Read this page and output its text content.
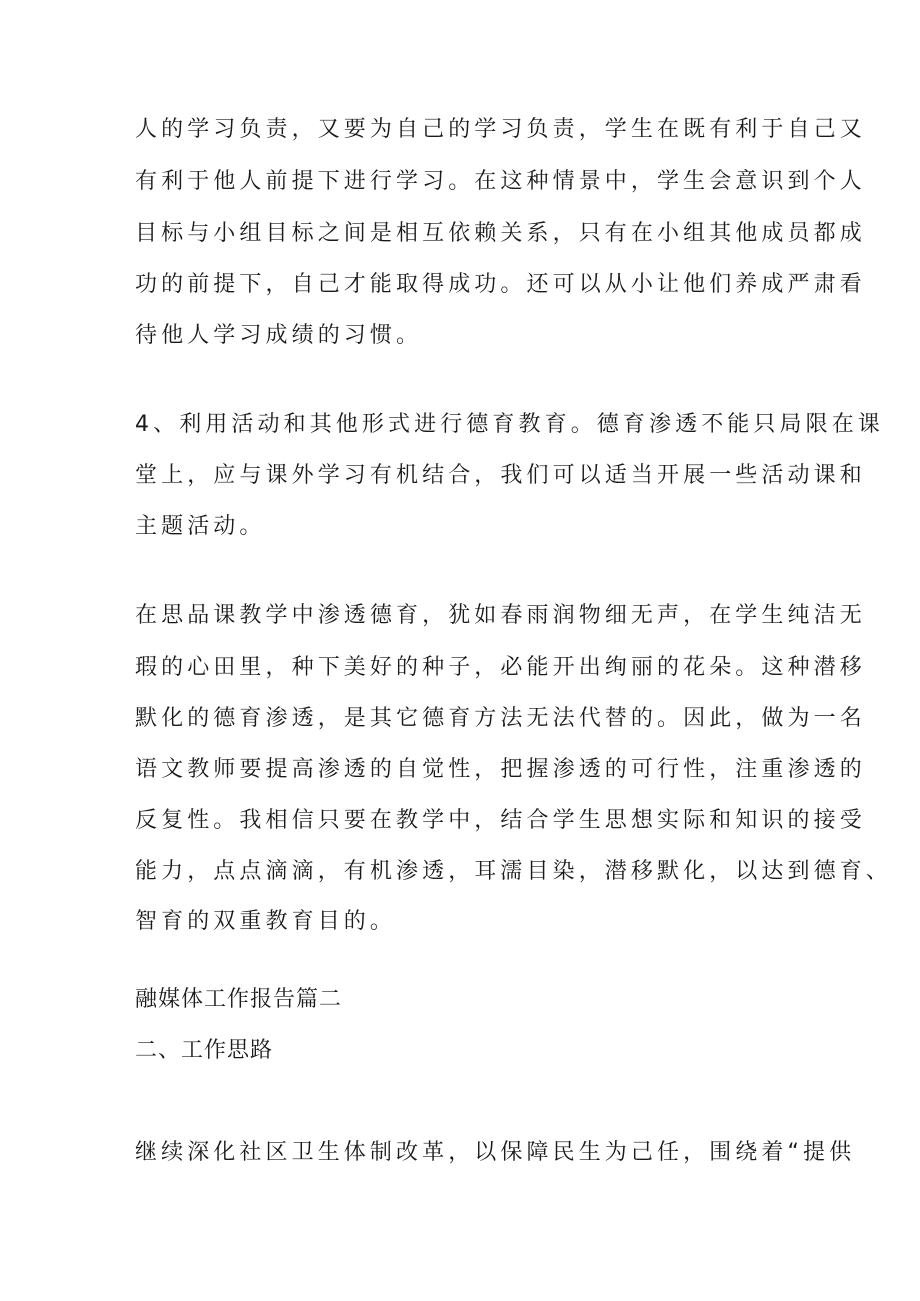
人的学习负责，又要为自己的学习负责，学生在既有利于自己又
有利于他人前提下进行学习。在这种情景中，学生会意识到个人
目标与小组目标之间是相互依赖关系，只有在小组其他成员都成
功的前提下，自己才能取得成功。还可以从小让他们养成严肃看
待他人学习成绩的习惯。
4、利用活动和其他形式进行德育教育。德育渗透不能只局限在课
堂上，应与课外学习有机结合，我们可以适当开展一些活动课和
主题活动。
在思品课教学中渗透德育，犹如春雨润物细无声，在学生纯洁无
瑕的心田里，种下美好的种子，必能开出绚丽的花朵。这种潜移
默化的德育渗透，是其它德育方法无法代替的。因此，做为一名
语文教师要提高渗透的自觉性，把握渗透的可行性，注重渗透的
反复性。我相信只要在教学中，结合学生思想实际和知识的接受
能力，点点滴滴，有机渗透，耳濡目染，潜移默化，以达到德育、
智育的双重教育目的。
融媒体工作报告篇二
二、工作思路
继续深化社区卫生体制改革，以保障民生为己任，围绕着“提供
